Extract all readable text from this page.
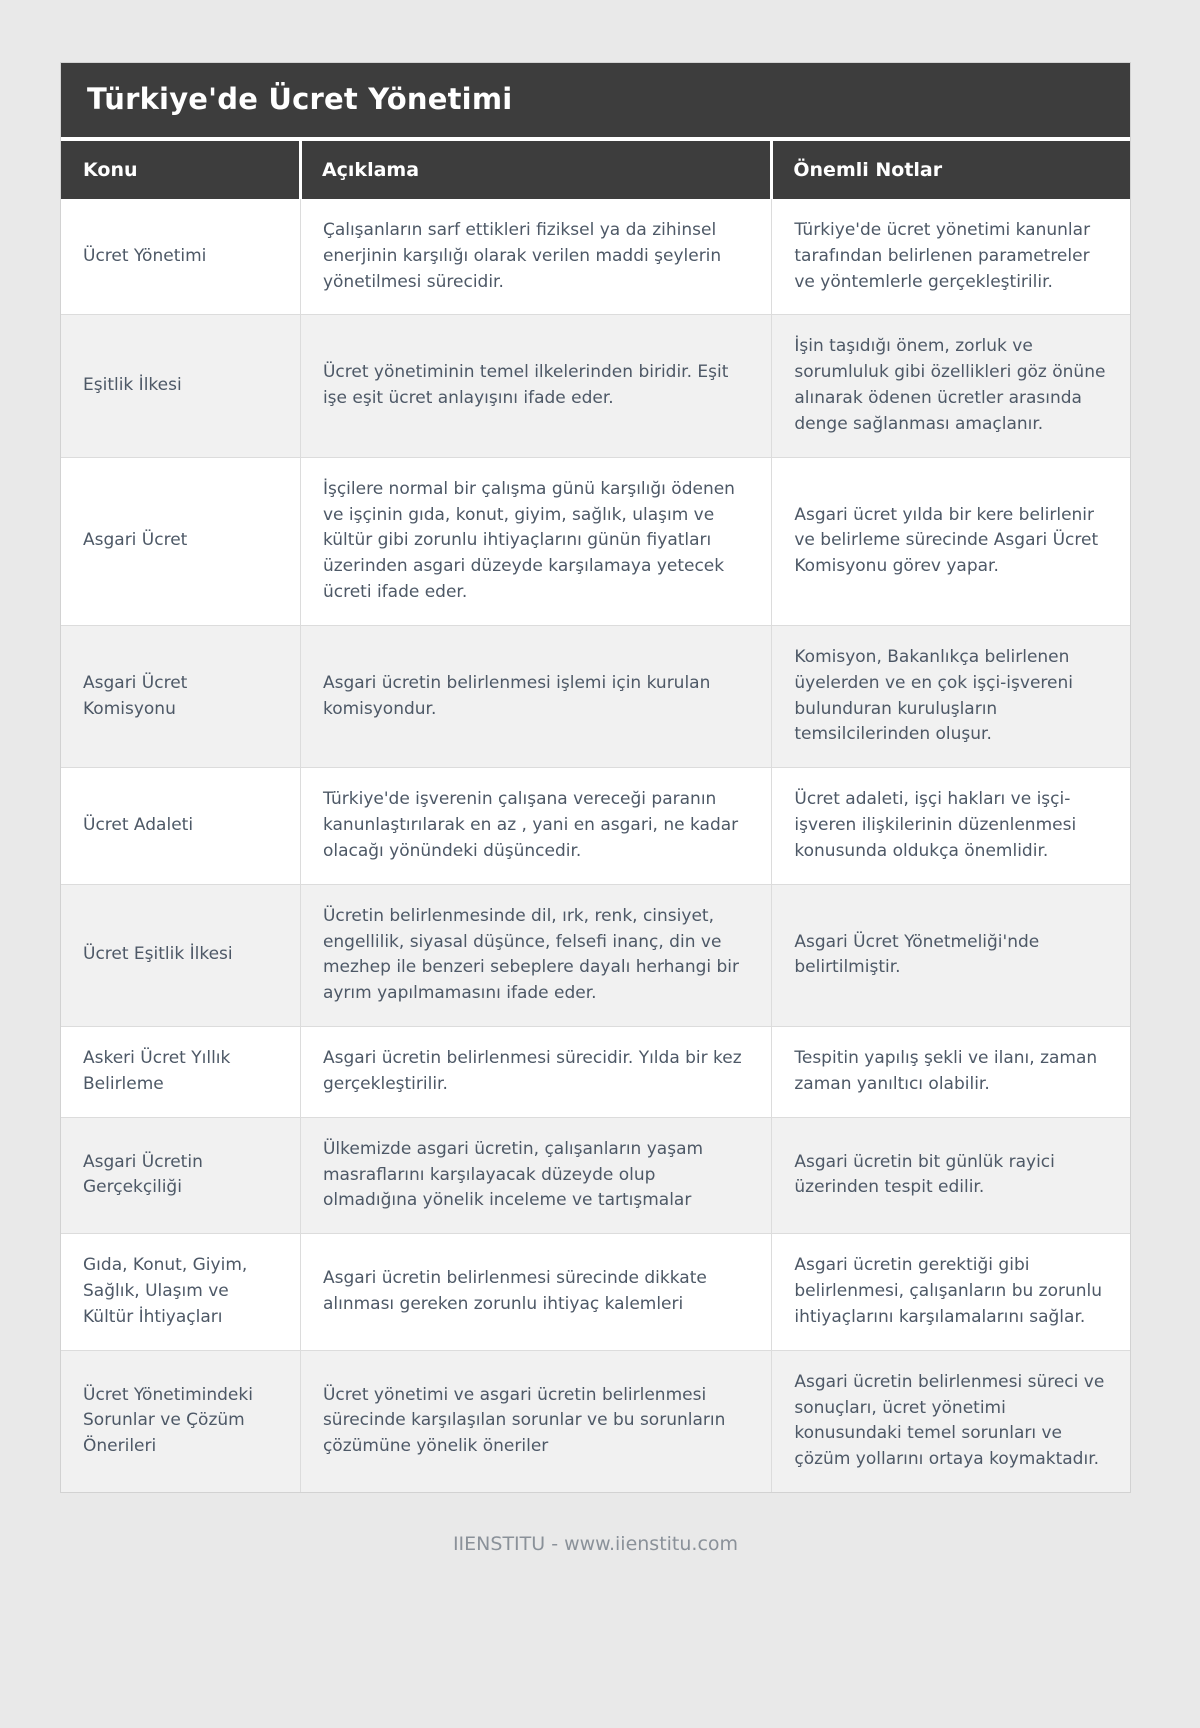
Türkiye'de Ücret Yönetimi
Konu	Açıklama	Önemli Notlar
Ücret Yönetimi	Çalışanların sarf ettikleri fiziksel ya da zihinsel enerjinin karşılığı olarak verilen maddi şeylerin yönetilmesi sürecidir.	Türkiye'de ücret yönetimi kanunlar tarafından belirlenen parametreler ve yöntemlerle gerçekleştirilir.
Eşitlik İlkesi	Ücret yönetiminin temel ilkelerinden biridir. Eşit işe eşit ücret anlayışını ifade eder.	İşin taşıdığı önem, zorluk ve sorumluluk gibi özellikleri göz önüne alınarak ödenen ücretler arasında denge sağlanması amaçlanır.
Asgari Ücret	İşçilere normal bir çalışma günü karşılığı ödenen ve işçinin gıda, konut, giyim, sağlık, ulaşım ve kültür gibi zorunlu ihtiyaçlarını günün fiyatları üzerinden asgari düzeyde karşılamaya yetecek ücreti ifade eder.	Asgari ücret yılda bir kere belirlenir ve belirleme sürecinde Asgari Ücret Komisyonu görev yapar.
Asgari Ücret Komisyonu	Asgari ücretin belirlenmesi işlemi için kurulan komisyondur.	Komisyon, Bakanlıkça belirlenen üyelerden ve en çok işçi-işvereni bulunduran kuruluşların temsilcilerinden oluşur.
Ücret Adaleti	Türkiye'de işverenin çalışana vereceği paranın kanunlaştırılarak en az , yani en asgari, ne kadar olacağı yönündeki düşüncedir.	Ücret adaleti, işçi hakları ve işçi-işveren ilişkilerinin düzenlenmesi konusunda oldukça önemlidir.
Ücret Eşitlik İlkesi	Ücretin belirlenmesinde dil, ırk, renk, cinsiyet, engellilik, siyasal düşünce, felsefi inanç, din ve mezhep ile benzeri sebeplere dayalı herhangi bir ayrım yapılmamasını ifade eder.	Asgari Ücret Yönetmeliği'nde belirtilmiştir.
Askeri Ücret Yıllık Belirleme	Asgari ücretin belirlenmesi sürecidir. Yılda bir kez gerçekleştirilir.	Tespitin yapılış şekli ve ilanı, zaman zaman yanıltıcı olabilir.
Asgari Ücretin Gerçekçiliği	Ülkemizde asgari ücretin, çalışanların yaşam masraflarını karşılayacak düzeyde olup olmadığına yönelik inceleme ve tartışmalar	Asgari ücretin bit günlük rayici üzerinden tespit edilir.
Gıda, Konut, Giyim, Sağlık, Ulaşım ve Kültür İhtiyaçları	Asgari ücretin belirlenmesi sürecinde dikkate alınması gereken zorunlu ihtiyaç kalemleri	Asgari ücretin gerektiği gibi belirlenmesi, çalışanların bu zorunlu ihtiyaçlarını karşılamalarını sağlar.
Ücret Yönetimindeki Sorunlar ve Çözüm Önerileri	Ücret yönetimi ve asgari ücretin belirlenmesi sürecinde karşılaşılan sorunlar ve bu sorunların çözümüne yönelik öneriler	Asgari ücretin belirlenmesi süreci ve sonuçları, ücret yönetimi konusundaki temel sorunları ve çözüm yollarını ortaya koymaktadır.
IIENSTITU - www.iienstitu.com
